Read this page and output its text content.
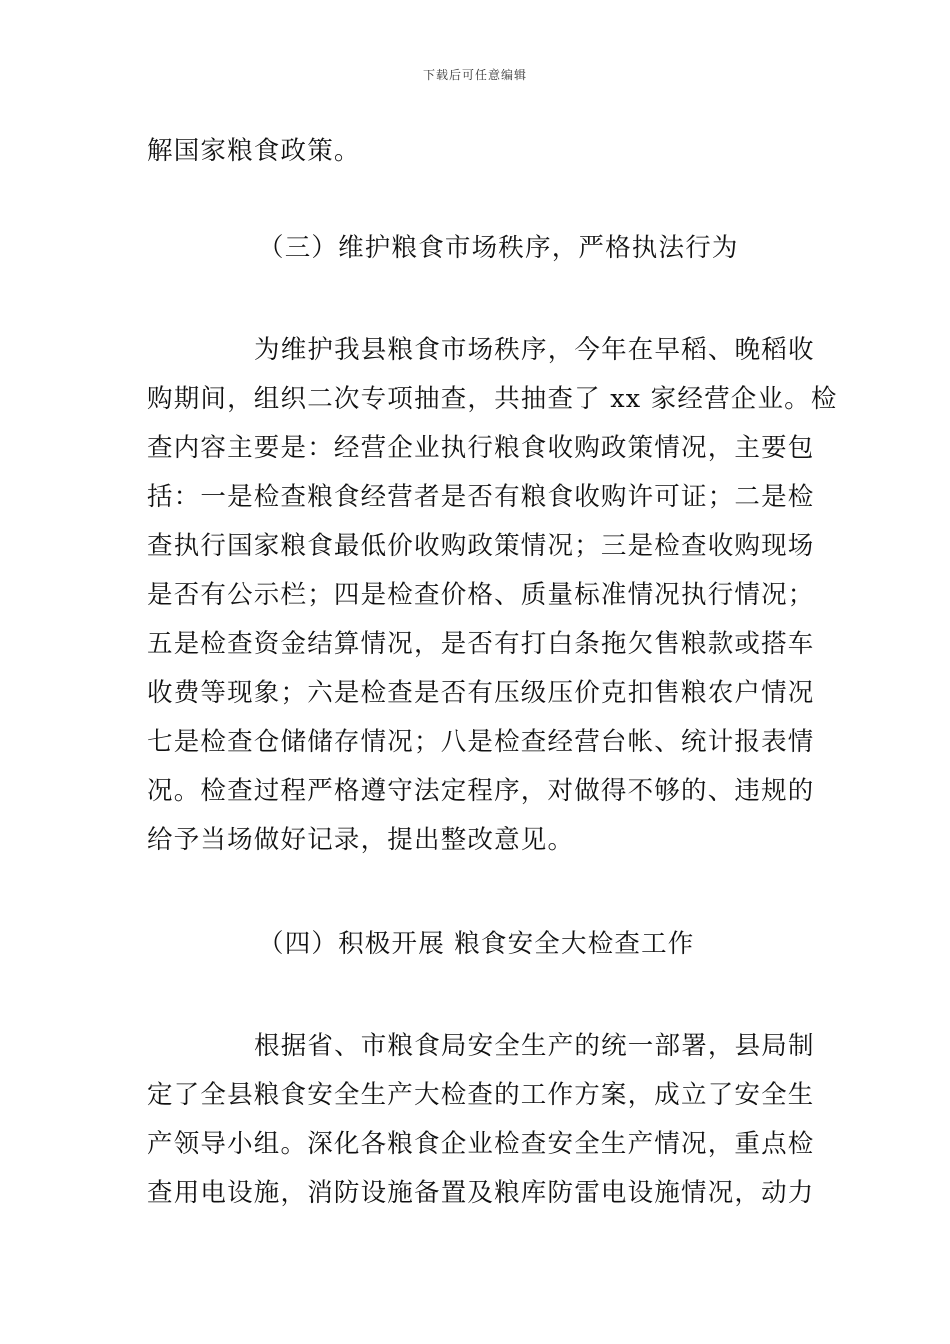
下载后可任意编辑
解国家粮食政策。
（三）维护粮食市场秩序，严格执法行为
为维护我县粮食市场秩序，今年在早稻、晚稻收
购期间，组织二次专项抽查，共抽查了 xx 家经营企业。检
查内容主要是：经营企业执行粮食收购政策情况，主要包
括：一是检查粮食经营者是否有粮食收购许可证；二是检
查执行国家粮食最低价收购政策情况；三是检查收购现场
是否有公示栏；四是检查价格、质量标准情况执行情况；
五是检查资金结算情况，是否有打白条拖欠售粮款或搭车
收费等现象；六是检查是否有压级压价克扣售粮农户情况
七是检查仓储储存情况；八是检查经营台帐、统计报表情
况。检查过程严格遵守法定程序，对做得不够的、违规的
给予当场做好记录，提出整改意见。
（四）积极开展 粮食安全大检查工作
根据省、市粮食局安全生产的统一部署，县局制
定了全县粮食安全生产大检查的工作方案，成立了安全生
产领导小组。深化各粮食企业检查安全生产情况，重点检
查用电设施，消防设施备置及粮库防雷电设施情况，动力
